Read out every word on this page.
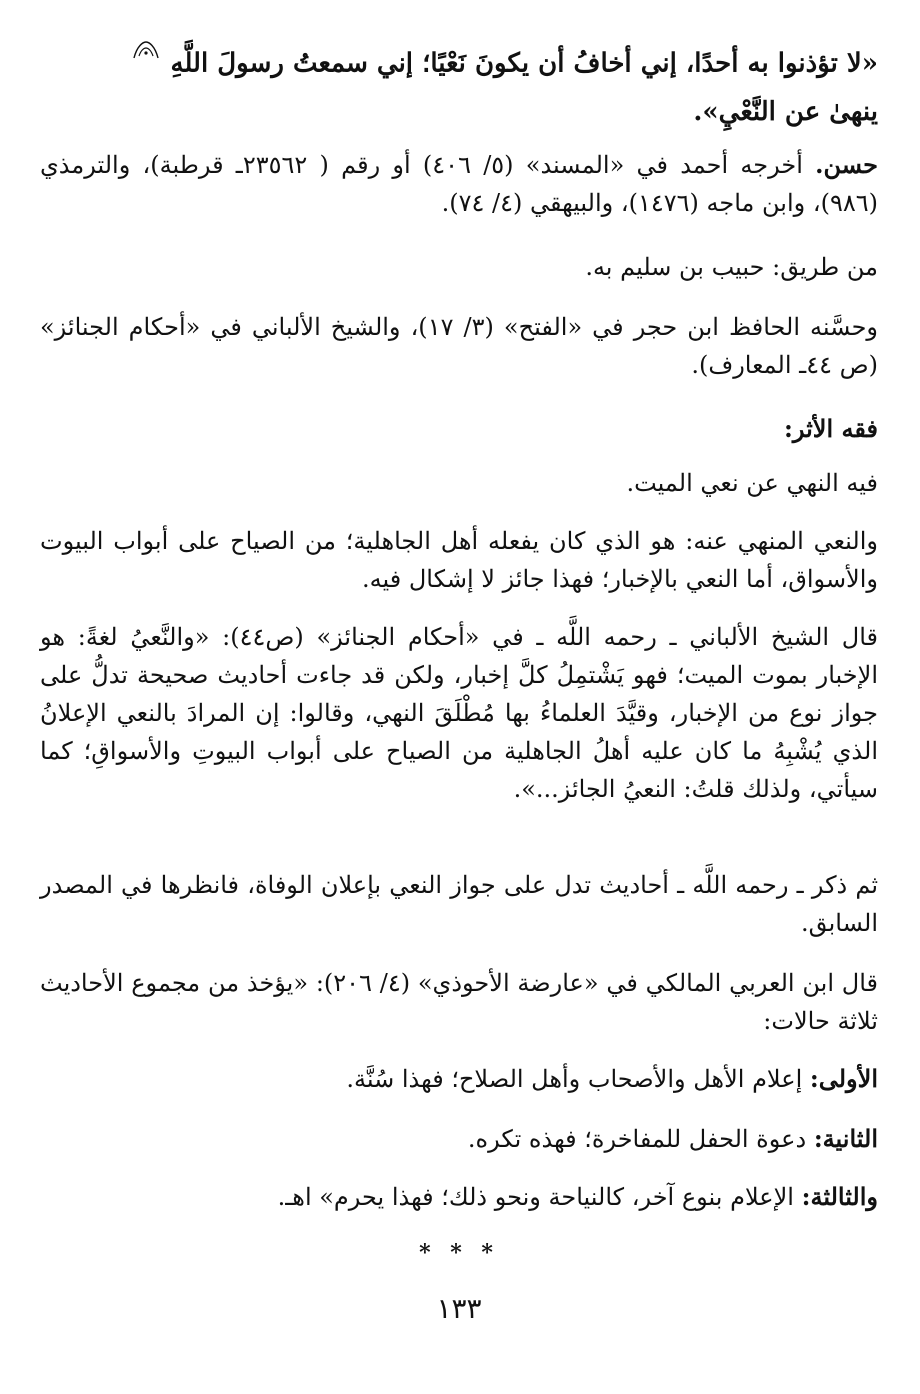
«لا تؤذنوا به أحدًا، إني أخافُ أن يكونَ نَعْيًا؛ إني سمعتُ رسولَ اللَّهِ
ينهىٰ عن النَّعْيِ».
حسن. أخرجه أحمد في «المسند» (٥/ ٤٠٦) أو رقم ( ٢٣٥٦٢ـ قرطبة)، والترمذي (٩٨٦)، وابن ماجه (١٤٧٦)، والبيهقي (٤/ ٧٤).
من طريق: حبيب بن سليم به.
وحسَّنه الحافظ ابن حجر في «الفتح» (٣/ ١٧)، والشيخ الألباني في «أحكام الجنائز» (ص ٤٤ـ المعارف).
فقه الأثر:
فيه النهي عن نعي الميت.
والنعي المنهي عنه: هو الذي كان يفعله أهل الجاهلية؛ من الصياح على أبواب البيوت والأسواق، أما النعي بالإخبار؛ فهذا جائز لا إشكال فيه.
قال الشيخ الألباني ـ رحمه اللَّه ـ في «أحكام الجنائز» (ص٤٤): «والنَّعيُ لغةً: هو الإخبار بموت الميت؛ فهو يَشْتمِلُ كلَّ إخبار، ولكن قد جاءت أحاديث صحيحة تدلُّ على جواز نوع من الإخبار، وقيَّدَ العلماءُ بها مُطْلَقَ النهي، وقالوا: إن المرادَ بالنعي الإعلانُ الذي يُشْبِهُ ما كان عليه أهلُ الجاهلية من الصياح على أبواب البيوتِ والأسواقِ؛ كما سيأتي، ولذلك قلتُ: النعيُ الجائز...».
ثم ذكر ـ رحمه اللَّه ـ أحاديث تدل على جواز النعي بإعلان الوفاة، فانظرها في المصدر السابق.
قال ابن العربي المالكي في «عارضة الأحوذي» (٤/ ٢٠٦): «يؤخذ من مجموع الأحاديث ثلاثة حالات:
الأولى: إعلام الأهل والأصحاب وأهل الصلاح؛ فهذا سُنَّة.
الثانية: دعوة الحفل للمفاخرة؛ فهذه تكره.
والثالثة: الإعلام بنوع آخر، كالنياحة ونحو ذلك؛ فهذا يحرم» اهـ.
* * *
١٣٣
